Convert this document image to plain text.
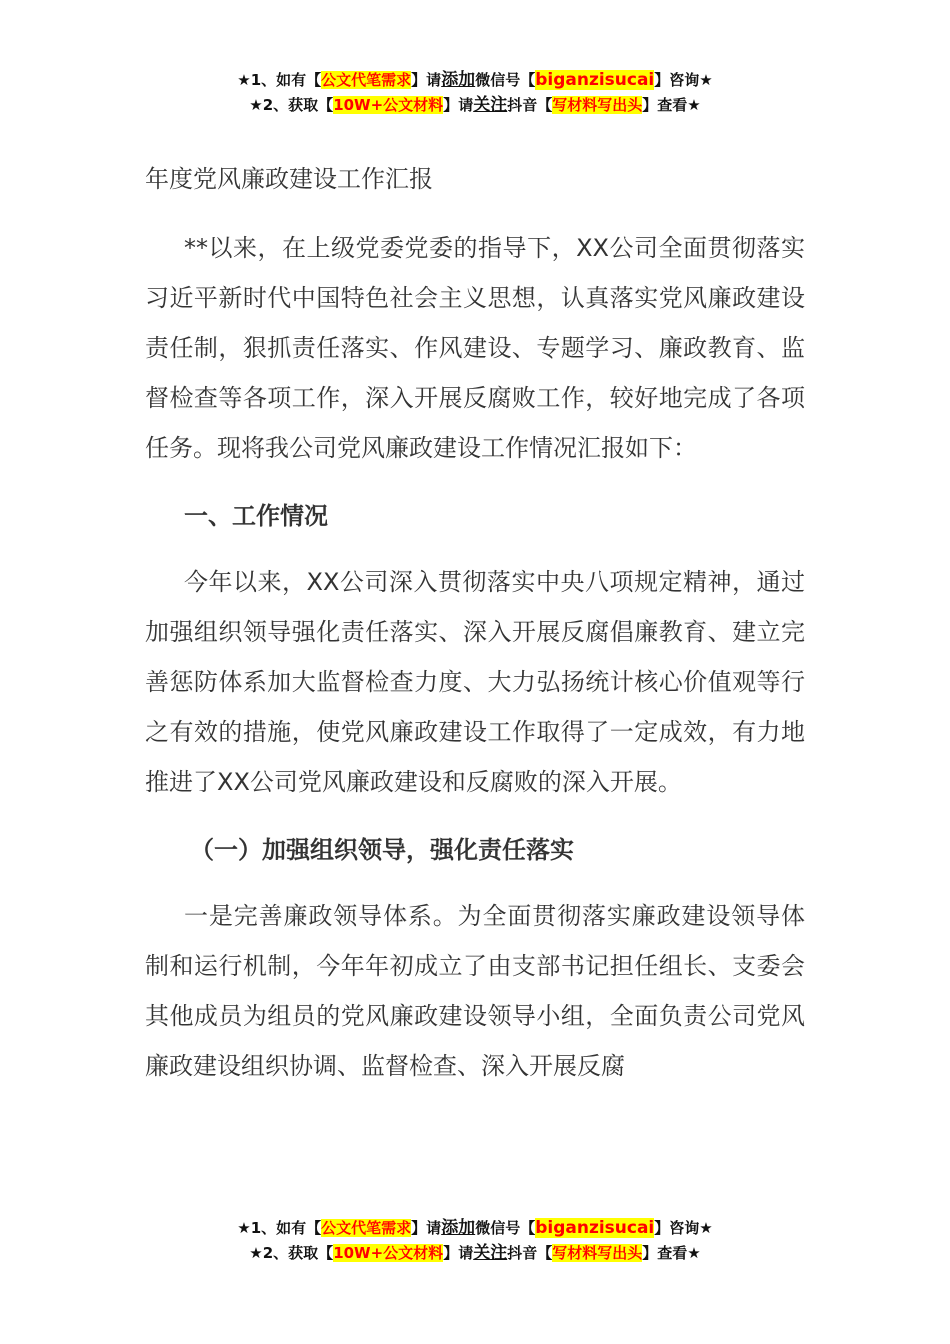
★1、如有【公文代笔需求】请添加微信号【biganzisucai】咨询★
★2、获取【10W+公文材料】请关注抖音【写材料写出头】查看★
年度党风廉政建设工作汇报

**以来，在上级党委党委的指导下，XX公司全面贯彻落实习近平新时代中国特色社会主义思想，认真落实党风廉政建设责任制，狠抓责任落实、作风建设、专题学习、廉政教育、监督检查等各项工作，深入开展反腐败工作，较好地完成了各项任务。现将我公司党风廉政建设工作情况汇报如下：

一、工作情况

今年以来，XX公司深入贯彻落实中央八项规定精神，通过加强组织领导强化责任落实、深入开展反腐倡廉教育、建立完善惩防体系加大监督检查力度、大力弘扬统计核心价值观等行之有效的措施，使党风廉政建设工作取得了一定成效，有力地推进了XX公司党风廉政建设和反腐败的深入开展。

（一）加强组织领导，强化责任落实

一是完善廉政领导体系。为全面贯彻落实廉政建设领导体制和运行机制，今年年初成立了由支部书记担任组长、支委会其他成员为组员的党风廉政建设领导小组，全面负责公司党风廉政建设组织协调、监督检查、深入开展反腐

★1、如有【公文代笔需求】请添加微信号【biganzisucai】咨询★
★2、获取【10W+公文材料】请关注抖音【写材料写出头】查看★
